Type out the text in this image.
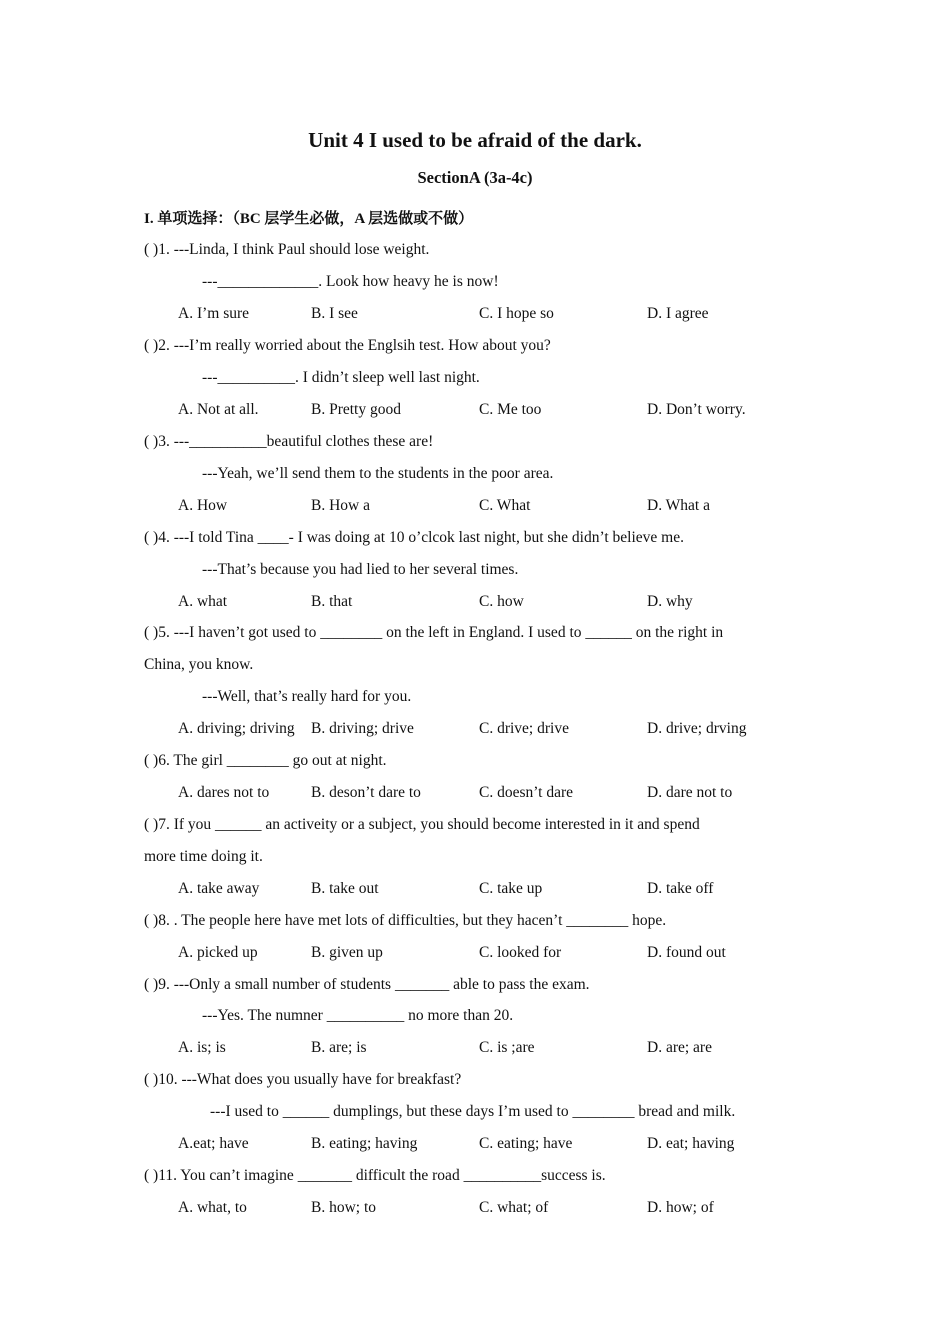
Unit 4 I used to be afraid of the dark.
SectionA (3a-4c)
I. 单项选择：（BC 层学生必做，A 层选做或不做）
( )1. ---Linda, I think Paul should lose weight.
---_____________. Look how heavy he is now!
A. I’m sure	B. I see	C. I hope so	D. I agree
( )2. ---I’m really worried about the Englsih test. How about you?
---__________. I didn’t sleep well last night.
A. Not at all.	B. Pretty good	C. Me too	D. Don’t worry.
( )3. ---__________beautiful clothes these are!
---Yeah, we’ll send them to the students in the poor area.
A. How	B. How a	C. What	D. What a
( )4. ---I told Tina ____- I was doing at 10 o’clcok last night, but she didn’t believe me.
---That’s because you had lied to her several times.
A. what	B. that	C. how	D. why
( )5. ---I haven’t got used to ________ on the left in England. I used to ______ on the right in
China, you know.
---Well, that’s really hard for you.
A. driving; driving B. driving; drive	C. drive; drive	D. drive; drving
( )6. The girl ________ go out at night.
A. dares not to	B. deson’t dare to	C. doesn’t dare	D. dare not to
( )7. If you ______ an activeity or a subject, you should become interested in it and spend
more time doing it.
A. take away	B. take out	C. take up	D. take off
( )8. . The people here have met lots of difficulties, but they hacen’t ________ hope.
A. picked up	B. given up	C. looked for	D. found out
( )9. ---Only a small number of students _______ able to pass the exam.
---Yes. The numner __________ no more than 20.
A. is; is	B. are; is	C. is ;are	D. are; are
( )10. ---What does you usually have for breakfast?
---I used to ______ dumplings, but these days I’m used to ________ bread and milk.
A.eat; have	B. eating; having	C. eating; have	D. eat; having
( )11. You can’t imagine _______ difficult the road __________success is.
A. what, to	B. how; to	C. what; of	D. how; of
